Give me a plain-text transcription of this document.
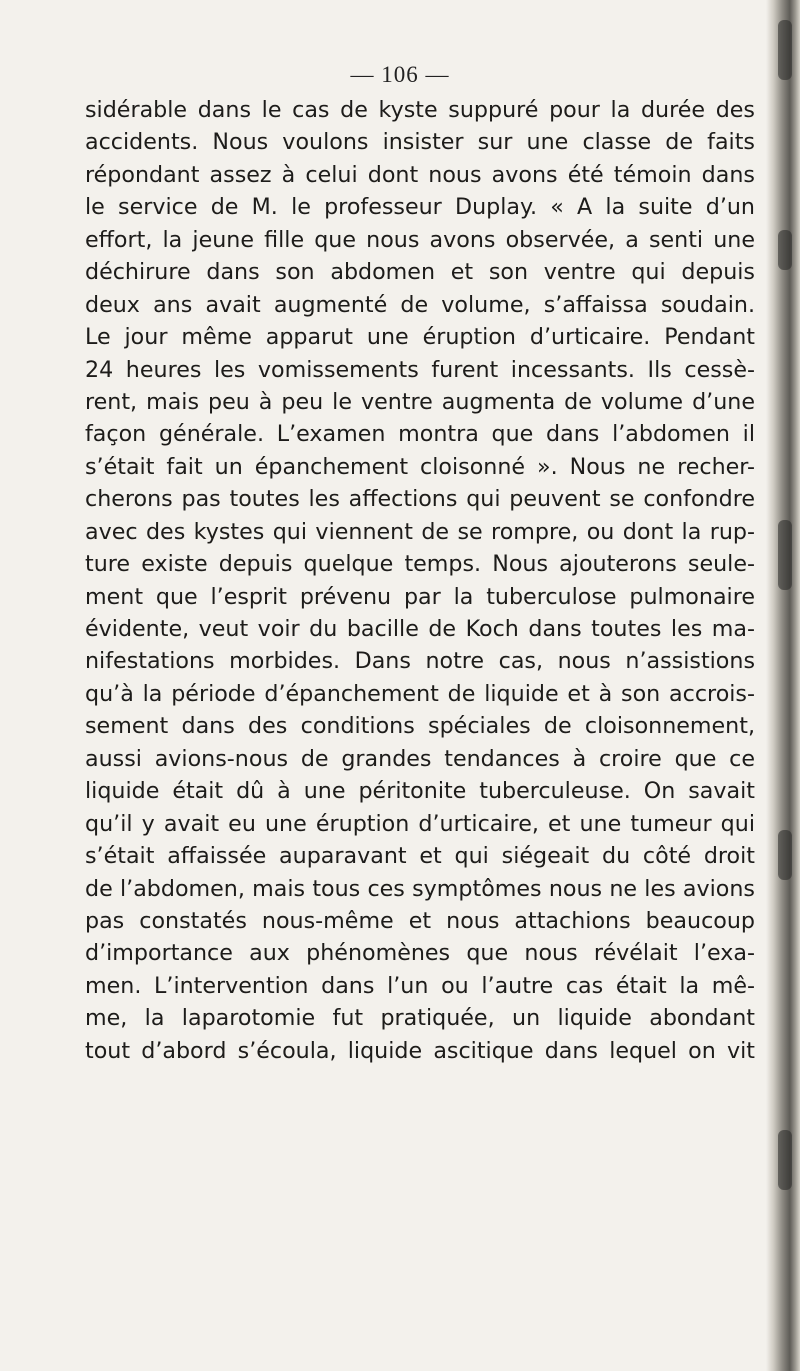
— 106 —
sidérable dans le cas de kyste suppuré pour la durée des
accidents. Nous voulons insister sur une classe de faits
répondant assez à celui dont nous avons été témoin dans
le service de M. le professeur Duplay. « A la suite d’un
effort, la jeune fille que nous avons observée, a senti une
déchirure dans son abdomen et son ventre qui depuis
deux ans avait augmenté de volume, s’affaissa soudain.
Le jour même apparut une éruption d’urticaire. Pendant
24 heures les vomissements furent incessants. Ils cessè-
rent, mais peu à peu le ventre augmenta de volume d’une
façon générale. L’examen montra que dans l’abdomen il
s’était fait un épanchement cloisonné ». Nous ne recher-
cherons pas toutes les affections qui peuvent se confondre
avec des kystes qui viennent de se rompre, ou dont la rup-
ture existe depuis quelque temps. Nous ajouterons seule-
ment que l’esprit prévenu par la tuberculose pulmonaire
évidente, veut voir du bacille de Koch dans toutes les ma-
nifestations morbides. Dans notre cas, nous n’assistions
qu’à la période d’épanchement de liquide et à son accrois-
sement dans des conditions spéciales de cloisonnement,
aussi avions-nous de grandes tendances à croire que ce
liquide était dû à une péritonite tuberculeuse. On savait
qu’il y avait eu une éruption d’urticaire, et une tumeur qui
s’était affaissée auparavant et qui siégeait du côté droit
de l’abdomen, mais tous ces symptômes nous ne les avions
pas constatés nous-même et nous attachions beaucoup
d’importance aux phénomènes que nous révélait l’exa-
men. L’intervention dans l’un ou l’autre cas était la mê-
me, la laparotomie fut pratiquée, un liquide abondant
tout d’abord s’écoula, liquide ascitique dans lequel on vit
